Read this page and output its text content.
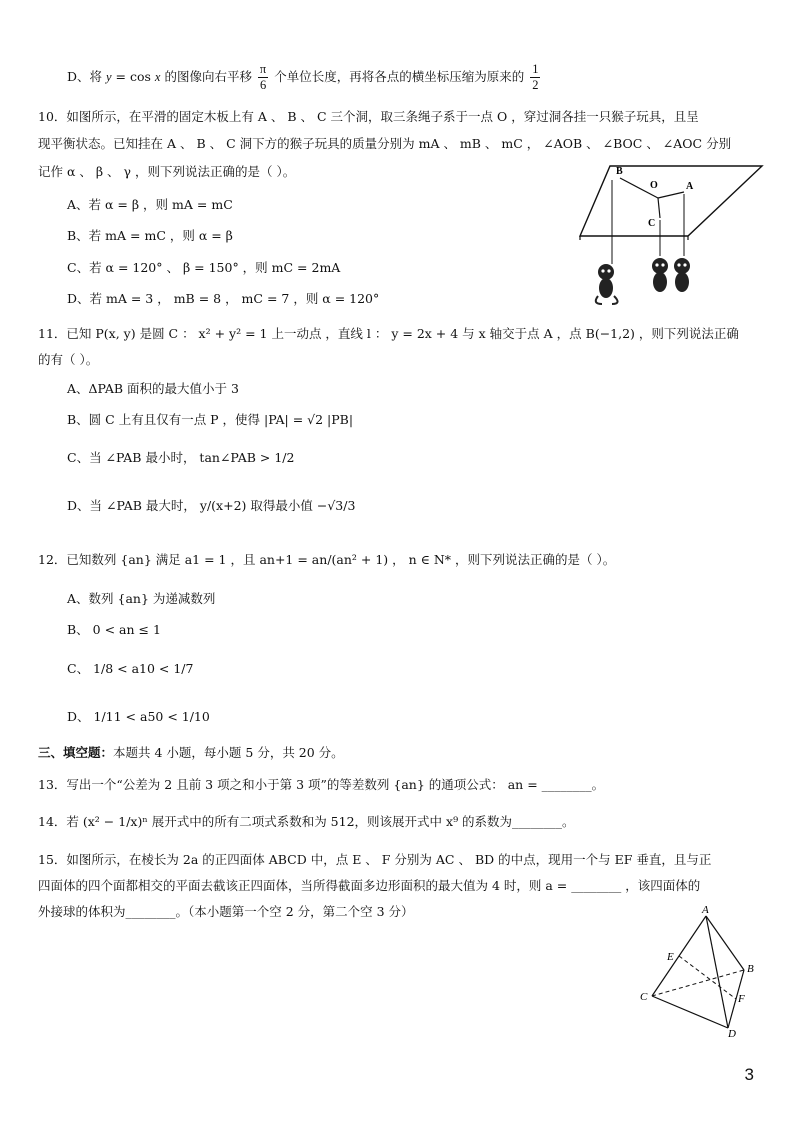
D、将 y = cos x 的图像向右平移 $\frac{\pi}{6}$ 个单位长度，再将各点的横坐标压缩为原来的 $\frac{1}{2}$
10．如图所示，在平滑的固定木板上有 A 、 B 、 C 三个洞，取三条绳子系于一点 O ，穿过洞各挂一只猴子玩具，且呈
现平衡状态。已知挂在 A 、 B 、 C 洞下方的猴子玩具的质量分别为 mA 、 mB 、 mC ， ∠AOB 、 ∠BOC 、 ∠AOC 分别
记作 α 、 β 、 γ ，则下列说法正确的是（ ）。
A、若 α = β ，则 mA = mC
B、若 mA = mC ，则 α = β
C、若 α = 120° 、 β = 150° ，则 mC = 2mA
D、若 mA = 3 ， mB = 8 ， mC = 7 ，则 α = 120°
B
O	A
C
11．已知 P(x, y) 是圆 C ： x² + y² = 1 上一动点 ，直线 l ： y = 2x + 4 与 x 轴交于点 A ，点 B(−1,2) ，则下列说法正确
的有（ ）。
A、ΔPAB 面积的最大值小于 3
B、圆 C 上有且仅有一点 P ，使得 |PA| = √2 |PB|
C、当 ∠PAB 最小时， tan∠PAB > 1/2
D、当 ∠PAB 最大时， y/(x+2) 取得最小值 −√3/3
12．已知数列 {an} 满足 a1 = 1 ，且 an+1 = an/(an² + 1) ， n ∈ N* ，则下列说法正确的是（ ）。
A、数列 {an} 为递减数列
B、 0 < an ≤ 1
C、 1/8 < a10 < 1/7
D、 1/11 < a50 < 1/10
三、填空题：本题共 4 小题，每小题 5 分，共 20 分。
13．写出一个“公差为 2 且前 3 项之和小于第 3 项”的等差数列 {an} 的通项公式： an = ________。
14．若 (x² − 1/x)ⁿ 展开式中的所有二项式系数和为 512，则该展开式中 x⁹ 的系数为________。
15．如图所示，在棱长为 2a 的正四面体 ABCD 中，点 E 、 F 分别为 AC 、 BD 的中点，现用一个与 EF 垂直，且与正
四面体的四个面都相交的平面去截该正四面体，当所得截面多边形面积的最大值为 4 时，则 a = ________ ，该四面体的
外接球的体积为________。（本小题第一个空 2 分，第二个空 3 分）	A
E
B
C	F
D
3
